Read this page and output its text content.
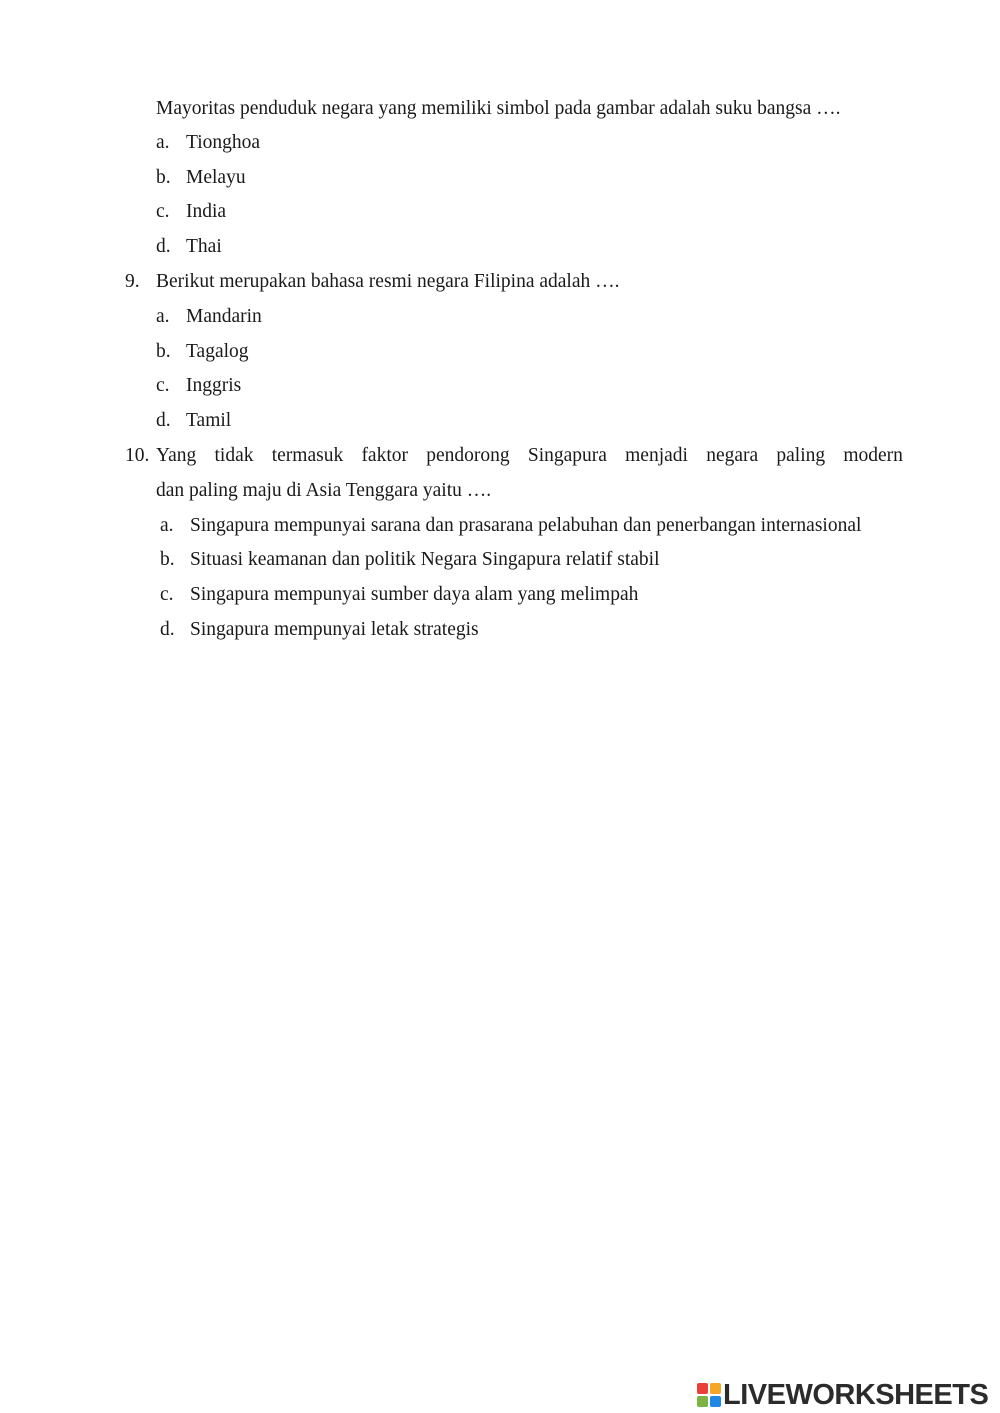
Mayoritas penduduk negara yang memiliki simbol pada gambar adalah suku bangsa ….
a. Tionghoa
b. Melayu
c. India
d. Thai
9. Berikut merupakan bahasa resmi negara Filipina adalah ….
a. Mandarin
b. Tagalog
c. Inggris
d. Tamil
10. Yang tidak termasuk faktor pendorong Singapura menjadi negara paling modern
dan paling maju di Asia Tenggara yaitu ….
a. Singapura mempunyai sarana dan prasarana pelabuhan dan penerbangan internasional
b. Situasi keamanan dan politik Negara Singapura relatif stabil
c. Singapura mempunyai sumber daya alam yang melimpah
d. Singapura mempunyai letak strategis
LIVEWORKSHEETS
